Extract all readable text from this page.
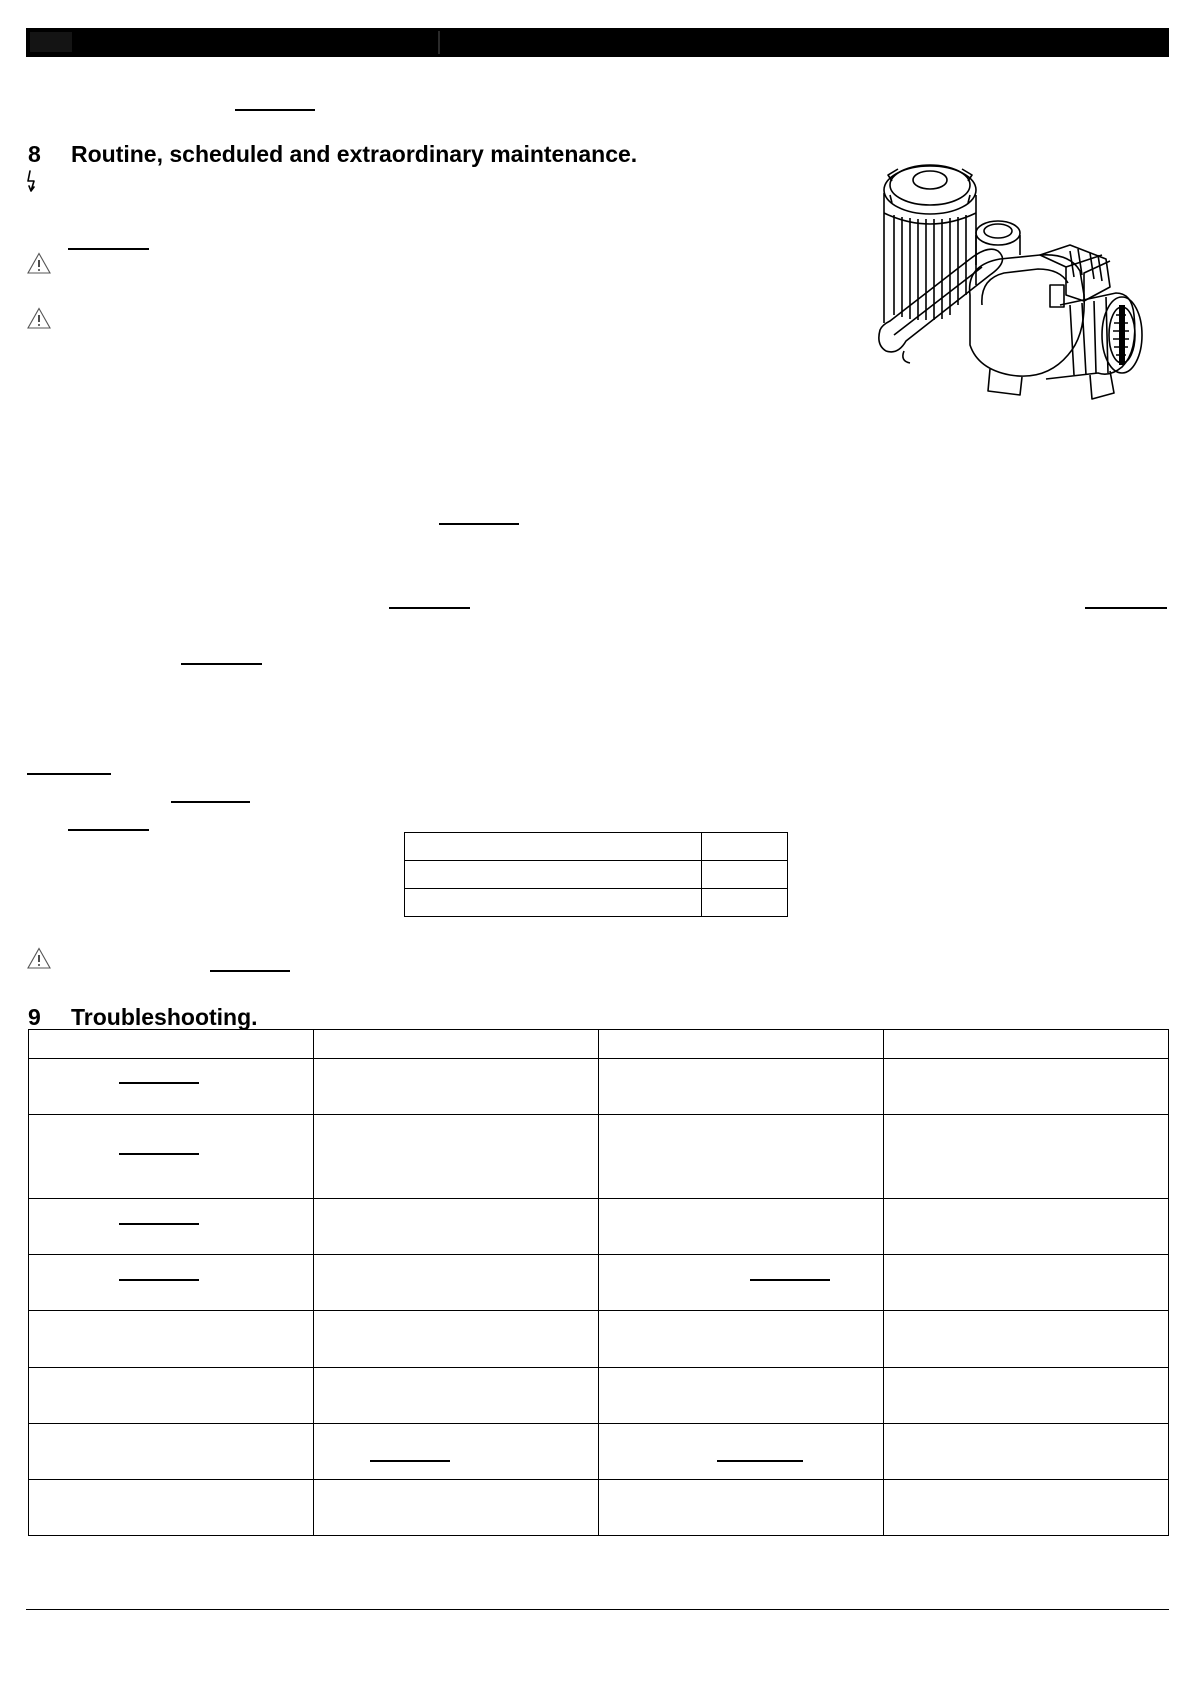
8 Routine, scheduled and extraordinary maintenance.

9 Troubleshooting.
